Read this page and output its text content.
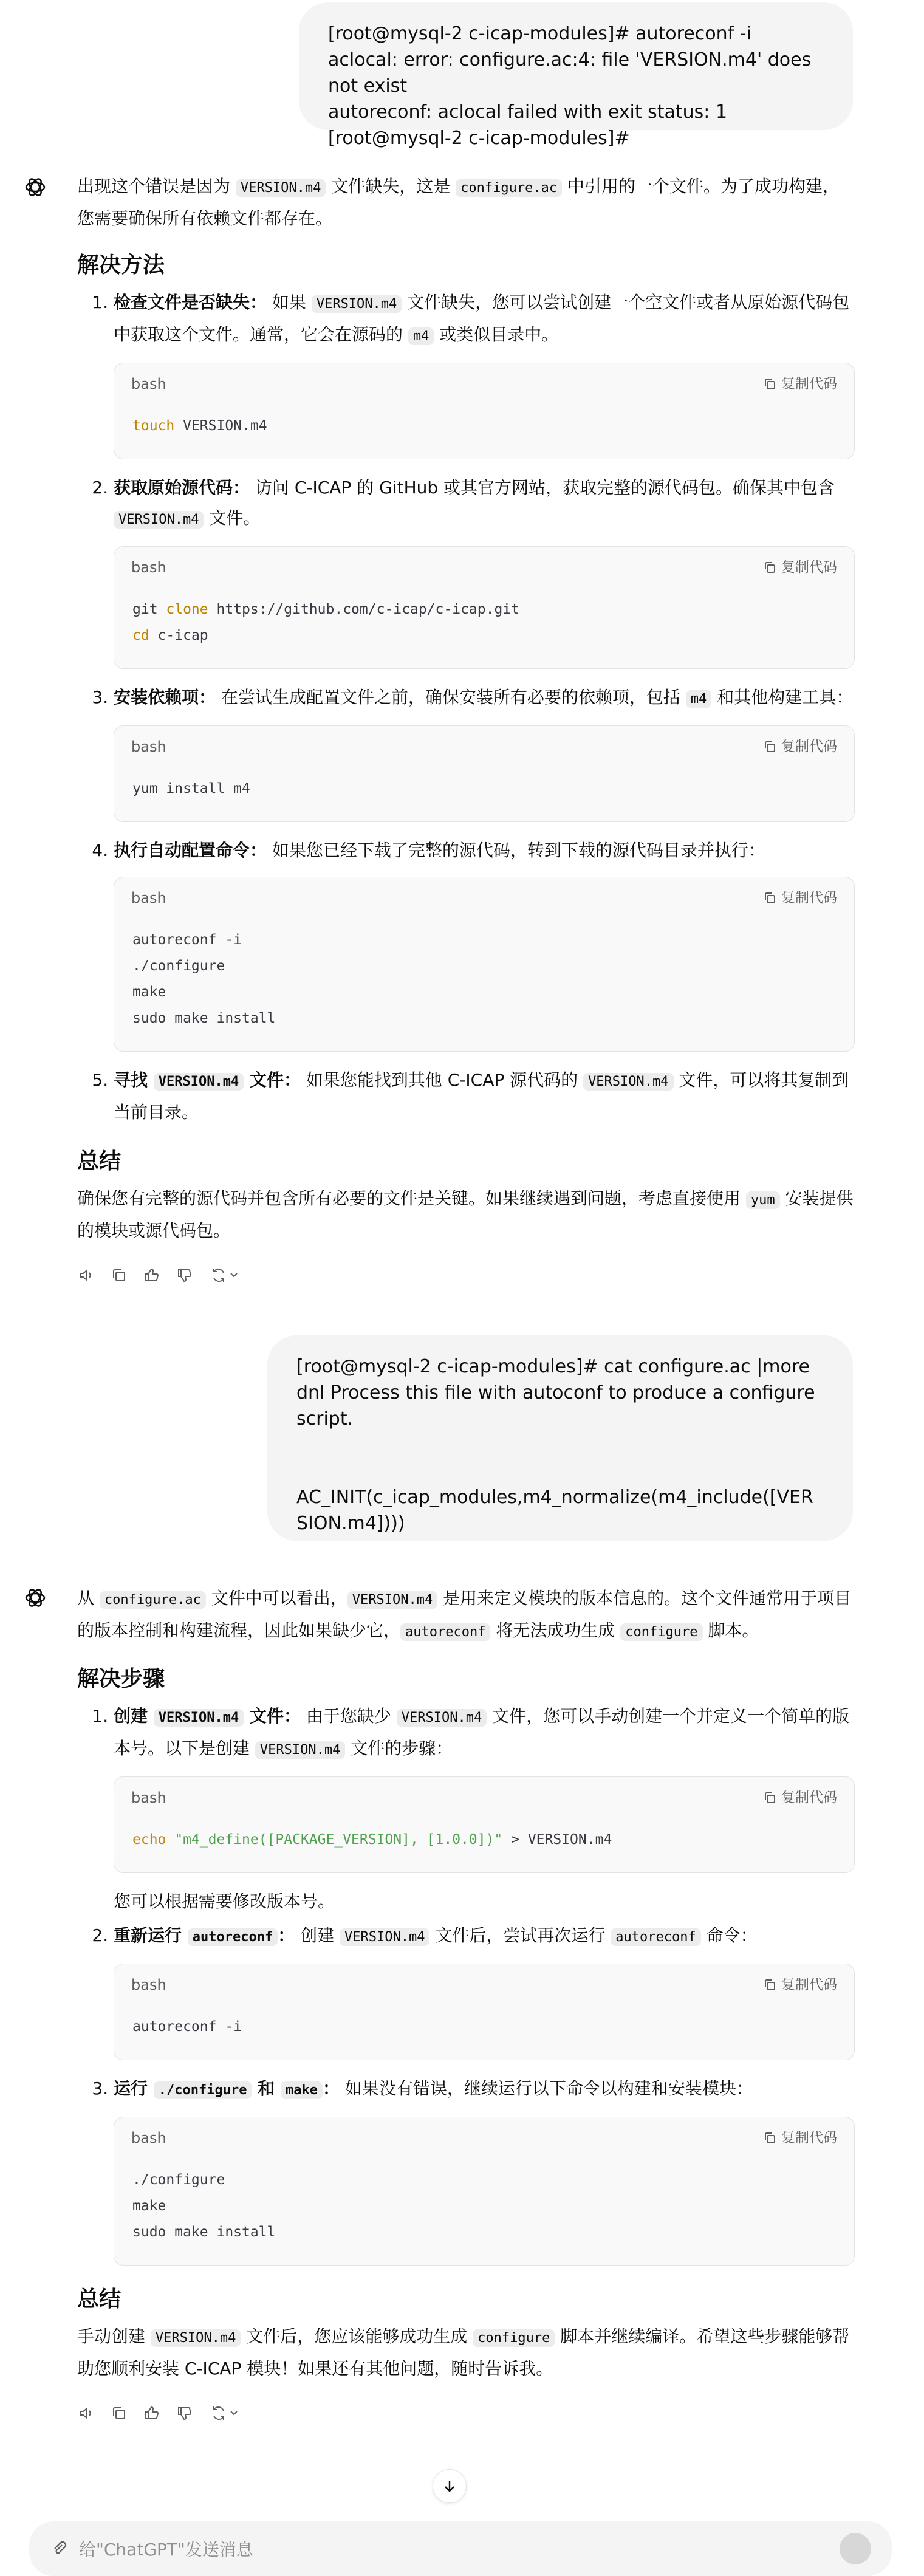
[root@mysql-2 c-icap-modules]# autoreconf -i
aclocal: error: configure.ac:4: file 'VERSION.m4' does not exist
autoreconf: aclocal failed with exit status: 1
[root@mysql-2 c-icap-modules]#

出现这个错误是因为 VERSION.m4 文件缺失，这是 configure.ac 中引用的一个文件。为了成功构建，您需要确保所有依赖文件都存在。

解决方法
1. 检查文件是否缺失： 如果 VERSION.m4 文件缺失，您可以尝试创建一个空文件或者从原始源代码包中获取这个文件。通常，它会在源码的 m4 或类似目录中。
bash	复制代码
touch VERSION.m4
2. 获取原始源代码： 访问 C-ICAP 的 GitHub 或其官方网站，获取完整的源代码包。确保其中包含 VERSION.m4 文件。
bash	复制代码
git clone https://github.com/c-icap/c-icap.git
cd c-icap
3. 安装依赖项： 在尝试生成配置文件之前，确保安装所有必要的依赖项，包括 m4 和其他构建工具：
bash	复制代码
yum install m4
4. 执行自动配置命令： 如果您已经下载了完整的源代码，转到下载的源代码目录并执行：
bash	复制代码
autoreconf -i
./configure
make
sudo make install
5. 寻找 VERSION.m4 文件： 如果您能找到其他 C-ICAP 源代码的 VERSION.m4 文件，可以将其复制到当前目录。
总结

确保您有完整的源代码并包含所有必要的文件是关键。如果继续遇到问题，考虑直接使用 yum 安装提供的模块或源代码包。

[root@mysql-2 c-icap-modules]# cat configure.ac |more
dnl Process this file with autoconf to produce a configure script.
AC_INIT(c_icap_modules,m4_normalize(m4_include([VERSION.m4])))

从 configure.ac 文件中可以看出， VERSION.m4 是用来定义模块的版本信息的。这个文件通常用于项目的版本控制和构建流程，因此如果缺少它， autoreconf 将无法成功生成 configure 脚本。

解决步骤
1. 创建 VERSION.m4 文件： 由于您缺少 VERSION.m4 文件，您可以手动创建一个并定义一个简单的版本号。以下是创建 VERSION.m4 文件的步骤：
bash	复制代码
echo "m4_define([PACKAGE_VERSION], [1.0.0])" > VERSION.m4

您可以根据需要修改版本号。

2. 重新运行 autoreconf ： 创建 VERSION.m4 文件后，尝试再次运行 autoreconf 命令：
bash	复制代码
autoreconf -i
3. 运行 ./configure 和 make ： 如果没有错误，继续运行以下命令以构建和安装模块：
bash	复制代码
./configure
make
sudo make install
总结

手动创建 VERSION.m4 文件后，您应该能够成功生成 configure 脚本并继续编译。希望这些步骤能够帮助您顺利安装 C-ICAP 模块！如果还有其他问题，随时告诉我。

给"ChatGPT"发送消息
